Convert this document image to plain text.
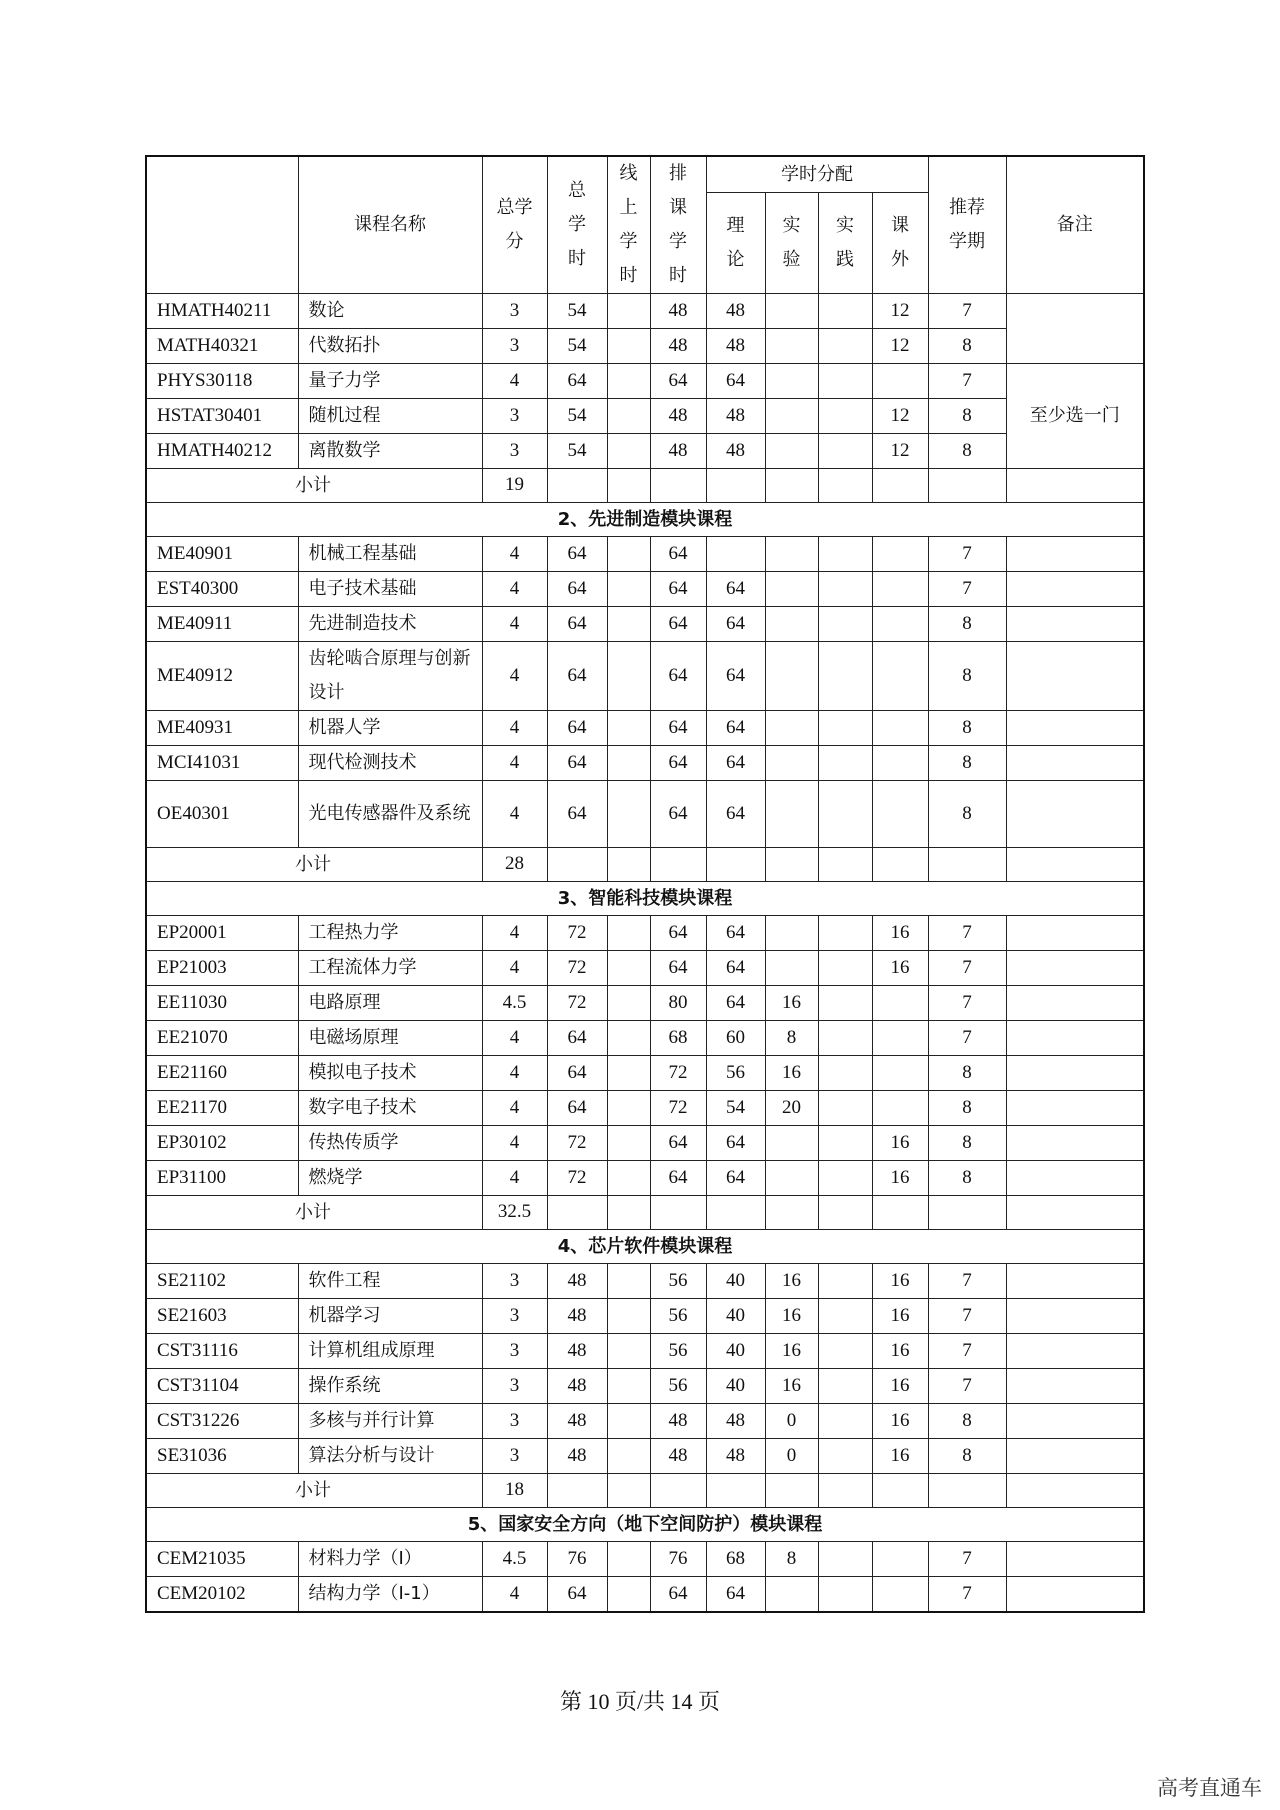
	课程名称	总学分	总学时	线上学时	排课学时	学时分配				推荐学期	备注
						理论	实验	实践	课外		
HMATH40211	数论	3	54		48	48			12	7	
MATH40321	代数拓扑	3	54		48	48			12	8	
PHYS30118	量子力学	4	64		64	64				7	至少选一门
HSTAT30401	随机过程	3	54		48	48			12	8	
HMATH40212	离散数学	3	54		48	48			12	8	
小计		19									
2、先进制造模块课程											
ME40901	机械工程基础	4	64		64					7	
EST40300	电子技术基础	4	64		64	64				7	
ME40911	先进制造技术	4	64		64	64				8	
ME40912	齿轮啮合原理与创新设计	4	64		64	64				8	
ME40931	机器人学	4	64		64	64				8	
MCI41031	现代检测技术	4	64		64	64				8	
OE40301	光电传感器件及系统	4	64		64	64				8	
小计		28									
3、智能科技模块课程											
EP20001	工程热力学	4	72		64	64			16	7	
EP21003	工程流体力学	4	72		64	64			16	7	
EE11030	电路原理	4.5	72		80	64	16			7	
EE21070	电磁场原理	4	64		68	60	8			7	
EE21160	模拟电子技术	4	64		72	56	16			8	
EE21170	数字电子技术	4	64		72	54	20			8	
EP30102	传热传质学	4	72		64	64			16	8	
EP31100	燃烧学	4	72		64	64			16	8	
小计		32.5									
4、芯片软件模块课程											
SE21102	软件工程	3	48		56	40	16		16	7	
SE21603	机器学习	3	48		56	40	16		16	7	
CST31116	计算机组成原理	3	48		56	40	16		16	7	
CST31104	操作系统	3	48		56	40	16		16	7	
CST31226	多核与并行计算	3	48		48	48	0		16	8	
SE31036	算法分析与设计	3	48		48	48	0		16	8	
小计		18									
5、国家安全方向（地下空间防护）模块课程											
CEM21035	材料力学（I）	4.5	76		76	68	8			7	
CEM20102	结构力学（I-1）	4	64		64	64				7	
第 10 页/共 14 页
高考直通车
